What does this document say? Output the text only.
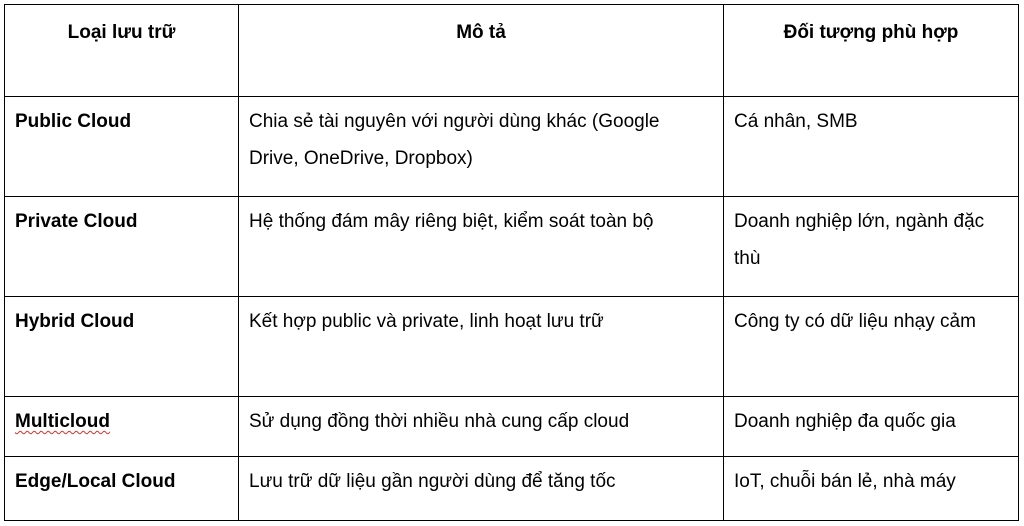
Loại lưu trữ	Mô tả	Đối tượng phù hợp
Public Cloud	Chia sẻ tài nguyên với người dùng khác (Google Drive, OneDrive, Dropbox)	Cá nhân, SMB
Private Cloud	Hệ thống đám mây riêng biệt, kiểm soát toàn bộ	Doanh nghiệp lớn, ngành đặc thù
Hybrid Cloud	Kết hợp public và private, linh hoạt lưu trữ	Công ty có dữ liệu nhạy cảm
Multicloud	Sử dụng đồng thời nhiều nhà cung cấp cloud	Doanh nghiệp đa quốc gia
Edge/Local Cloud	Lưu trữ dữ liệu gần người dùng để tăng tốc	IoT, chuỗi bán lẻ, nhà máy
